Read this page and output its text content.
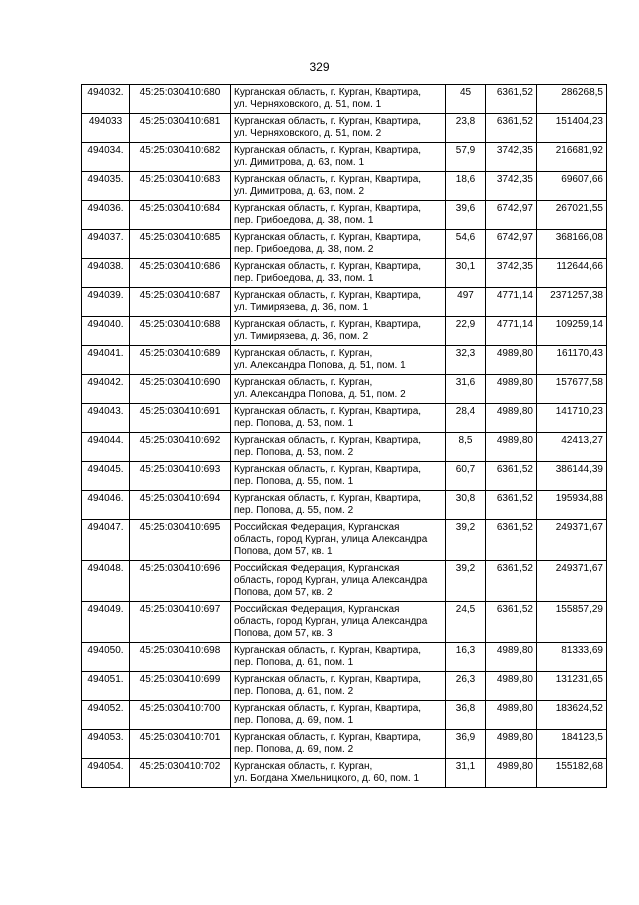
329
494032.	45:25:030410:680	Курганская область, г. Курган, Квартира,
ул. Черняховского, д. 51, пом. 1	45	6361,52	286268,5
494033	45:25:030410:681	Курганская область, г. Курган, Квартира,
ул. Черняховского, д. 51, пом. 2	23,8	6361,52	151404,23
494034.	45:25:030410:682	Курганская область, г. Курган, Квартира,
ул. Димитрова, д. 63, пом. 1	57,9	3742,35	216681,92
494035.	45:25:030410:683	Курганская область, г. Курган, Квартира,
ул. Димитрова, д. 63, пом. 2	18,6	3742,35	69607,66
494036.	45:25:030410:684	Курганская область, г. Курган, Квартира,
пер. Грибоедова, д. 38, пом. 1	39,6	6742,97	267021,55
494037.	45:25:030410:685	Курганская область, г. Курган, Квартира,
пер. Грибоедова, д. 38, пом. 2	54,6	6742,97	368166,08
494038.	45:25:030410:686	Курганская область, г. Курган, Квартира,
пер. Грибоедова, д. 33, пом. 1	30,1	3742,35	112644,66
494039.	45:25:030410:687	Курганская область, г. Курган, Квартира,
ул. Тимирязева, д. 36, пом. 1	497	4771,14	2371257,38
494040.	45:25:030410:688	Курганская область, г. Курган, Квартира,
ул. Тимирязева, д. 36, пом. 2	22,9	4771,14	109259,14
494041.	45:25:030410:689	Курганская область, г. Курган,
ул. Александра Попова, д. 51, пом. 1	32,3	4989,80	161170,43
494042.	45:25:030410:690	Курганская область, г. Курган,
ул. Александра Попова, д. 51, пом. 2	31,6	4989,80	157677,58
494043.	45:25:030410:691	Курганская область, г. Курган, Квартира,
пер. Попова, д. 53, пом. 1	28,4	4989,80	141710,23
494044.	45:25:030410:692	Курганская область, г. Курган, Квартира,
пер. Попова, д. 53, пом. 2	8,5	4989,80	42413,27
494045.	45:25:030410:693	Курганская область, г. Курган, Квартира,
пер. Попова, д. 55, пом. 1	60,7	6361,52	386144,39
494046.	45:25:030410:694	Курганская область, г. Курган, Квартира,
пер. Попова, д. 55, пом. 2	30,8	6361,52	195934,88
494047.	45:25:030410:695	Российская Федерация, Курганская
область, город Курган, улица Александра
Попова, дом 57, кв. 1	39,2	6361,52	249371,67
494048.	45:25:030410:696	Российская Федерация, Курганская
область, город Курган, улица Александра
Попова, дом 57, кв. 2	39,2	6361,52	249371,67
494049.	45:25:030410:697	Российская Федерация, Курганская
область, город Курган, улица Александра
Попова, дом 57, кв. 3	24,5	6361,52	155857,29
494050.	45:25:030410:698	Курганская область, г. Курган, Квартира,
пер. Попова, д. 61, пом. 1	16,3	4989,80	81333,69
494051.	45:25:030410:699	Курганская область, г. Курган, Квартира,
пер. Попова, д. 61, пом. 2	26,3	4989,80	131231,65
494052.	45:25:030410:700	Курганская область, г. Курган, Квартира,
пер. Попова, д. 69, пом. 1	36,8	4989,80	183624,52
494053.	45:25:030410:701	Курганская область, г. Курган, Квартира,
пер. Попова, д. 69, пом. 2	36,9	4989,80	184123,5
494054.	45:25:030410:702	Курганская область, г. Курган,
ул. Богдана Хмельницкого, д. 60, пом. 1	31,1	4989,80	155182,68
